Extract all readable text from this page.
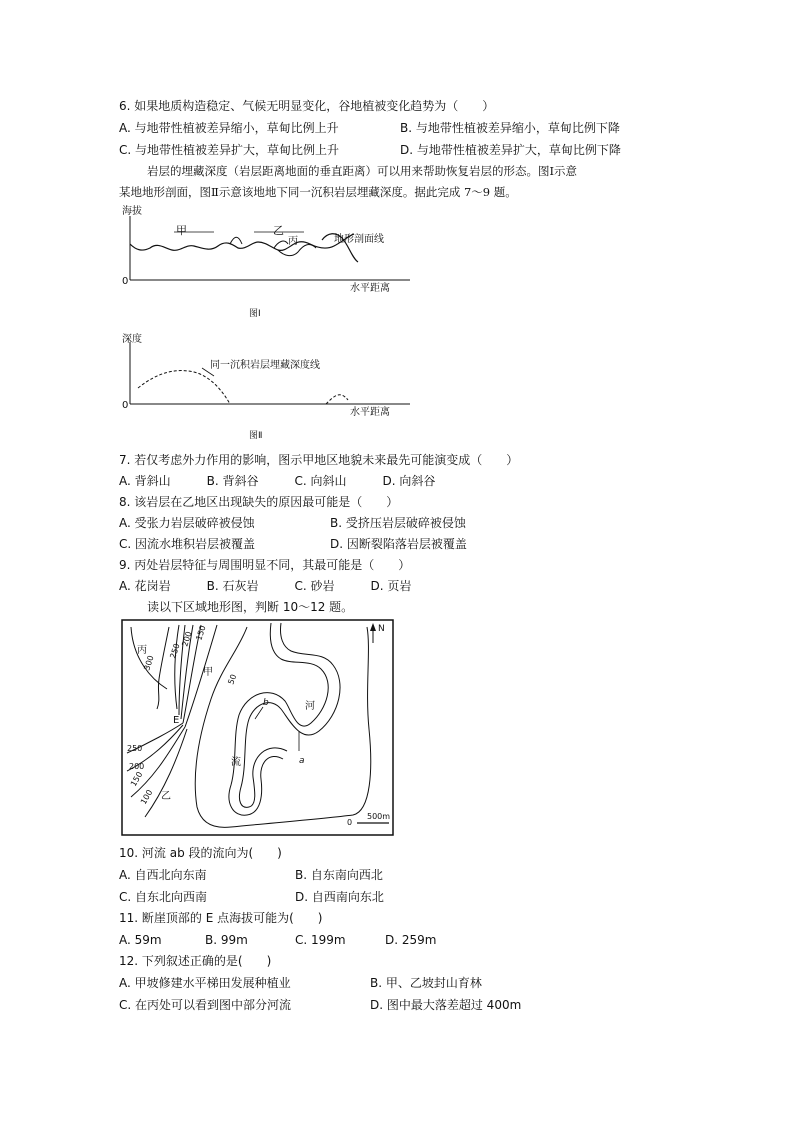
6. 如果地质构造稳定、气候无明显变化，谷地植被变化趋势为（　　）
A. 与地带性植被差异缩小，草甸比例上升	B. 与地带性植被差异缩小，草甸比例下降
C. 与地带性植被差异扩大，草甸比例上升	D. 与地带性植被差异扩大，草甸比例下降
岩层的埋藏深度（岩层距离地面的垂直距离）可以用来帮助恢复岩层的形态。图Ⅰ示意
某地地形剖面，图Ⅱ示意该地地下同一沉积岩层埋藏深度。据此完成 7～9 题。
甲	乙
丙	地形剖面线
海拔
0
水平距离
图Ⅰ
同一沉积岩层埋藏深度线
深度
0
水平距离
图Ⅱ
7. 若仅考虑外力作用的影响，图示甲地区地貌未来最先可能演变成（　　）
A. 背斜山　　　B. 背斜谷　　　C. 向斜山　　　D. 向斜谷
8. 该岩层在乙地区出现缺失的原因最可能是（　　）
A. 受张力岩层破碎被侵蚀	B. 受挤压岩层破碎被侵蚀
C. 因流水堆积岩层被覆盖	D. 因断裂陷落岩层被覆盖
9. 丙处岩层特征与周围明显不同，其最可能是（　　）
A. 花岗岩　　　B. 石灰岩　　　C. 砂岩　　　D. 页岩
读以下区域地形图，判断 10～12 题。
N
丙
甲
乙
河
流
E
a
b
300
250
200 150
250
200
150
100
50
0
500m
10. 河流 ab 段的流向为(　　)
A. 自西北向东南	B. 自东南向西北
C. 自东北向西南	D. 自西南向东北
11. 断崖顶部的 E 点海拔可能为(　　)
A. 59m	B. 99m	C. 199m	D. 259m
12. 下列叙述正确的是(　　)
A. 甲坡修建水平梯田发展种植业	B. 甲、乙坡封山育林
C. 在丙处可以看到图中部分河流	D. 图中最大落差超过 400m
